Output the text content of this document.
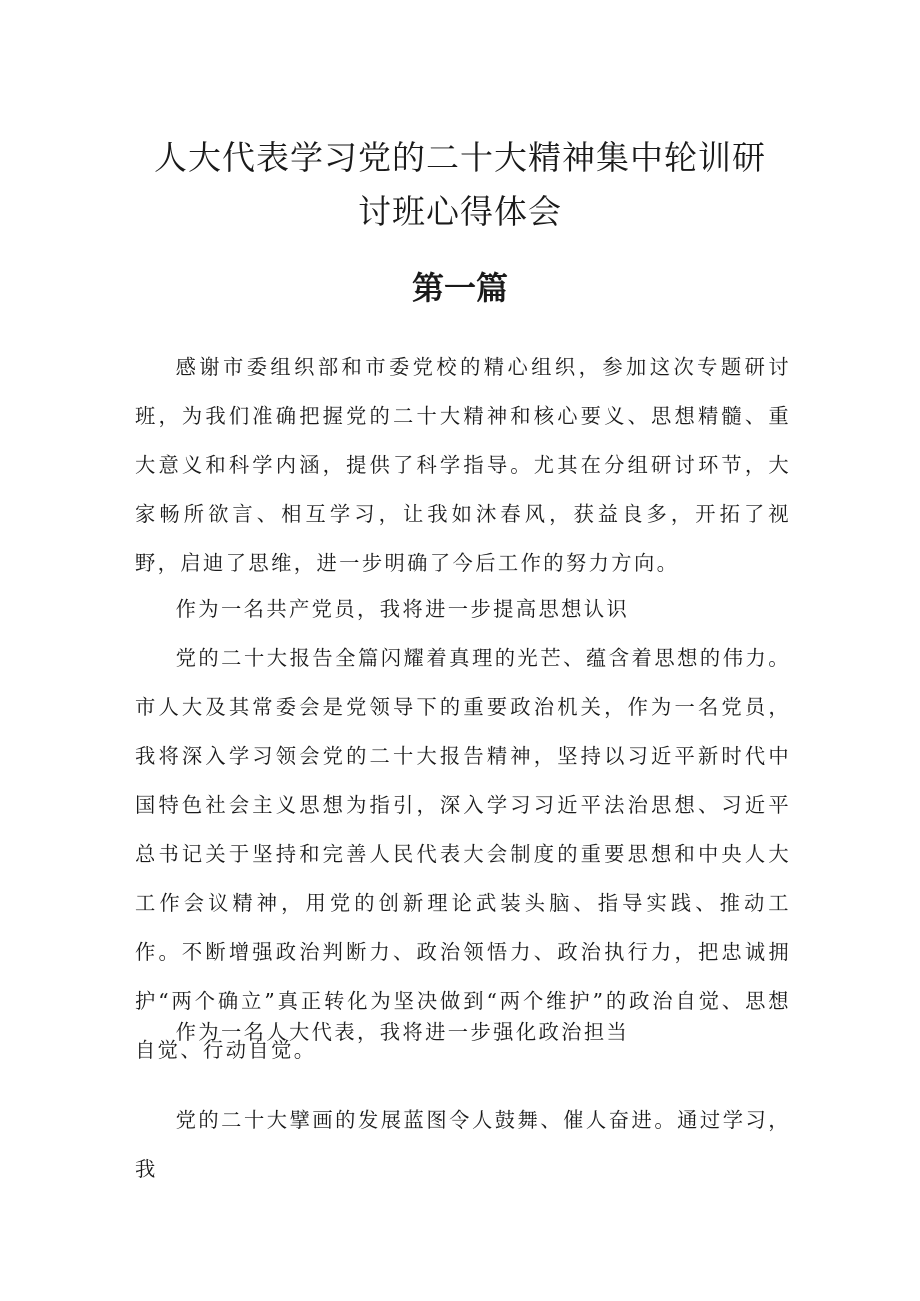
人大代表学习党的二十大精神集中轮训研
讨班心得体会
第一篇

感谢市委组织部和市委党校的精心组织，参加这次专题研讨班，为我们准确把握党的二十大精神和核心要义、思想精髓、重大意义和科学内涵，提供了科学指导。尤其在分组研讨环节，大家畅所欲言、相互学习，让我如沐春风，获益良多，开拓了视野，启迪了思维，进一步明确了今后工作的努力方向。

作为一名共产党员，我将进一步提高思想认识

党的二十大报告全篇闪耀着真理的光芒、蕴含着思想的伟力。市人大及其常委会是党领导下的重要政治机关，作为一名党员，我将深入学习领会党的二十大报告精神，坚持以习近平新时代中国特色社会主义思想为指引，深入学习习近平法治思想、习近平总书记关于坚持和完善人民代表大会制度的重要思想和中央人大工作会议精神，用党的创新理论武装头脑、指导实践、推动工作。不断增强政治判断力、政治领悟力、政治执行力，把忠诚拥护“两个确立”真正转化为坚决做到“两个维护”的政治自觉、思想自觉、行动自觉。

作为一名人大代表，我将进一步强化政治担当

党的二十大擘画的发展蓝图令人鼓舞、催人奋进。通过学习，我
